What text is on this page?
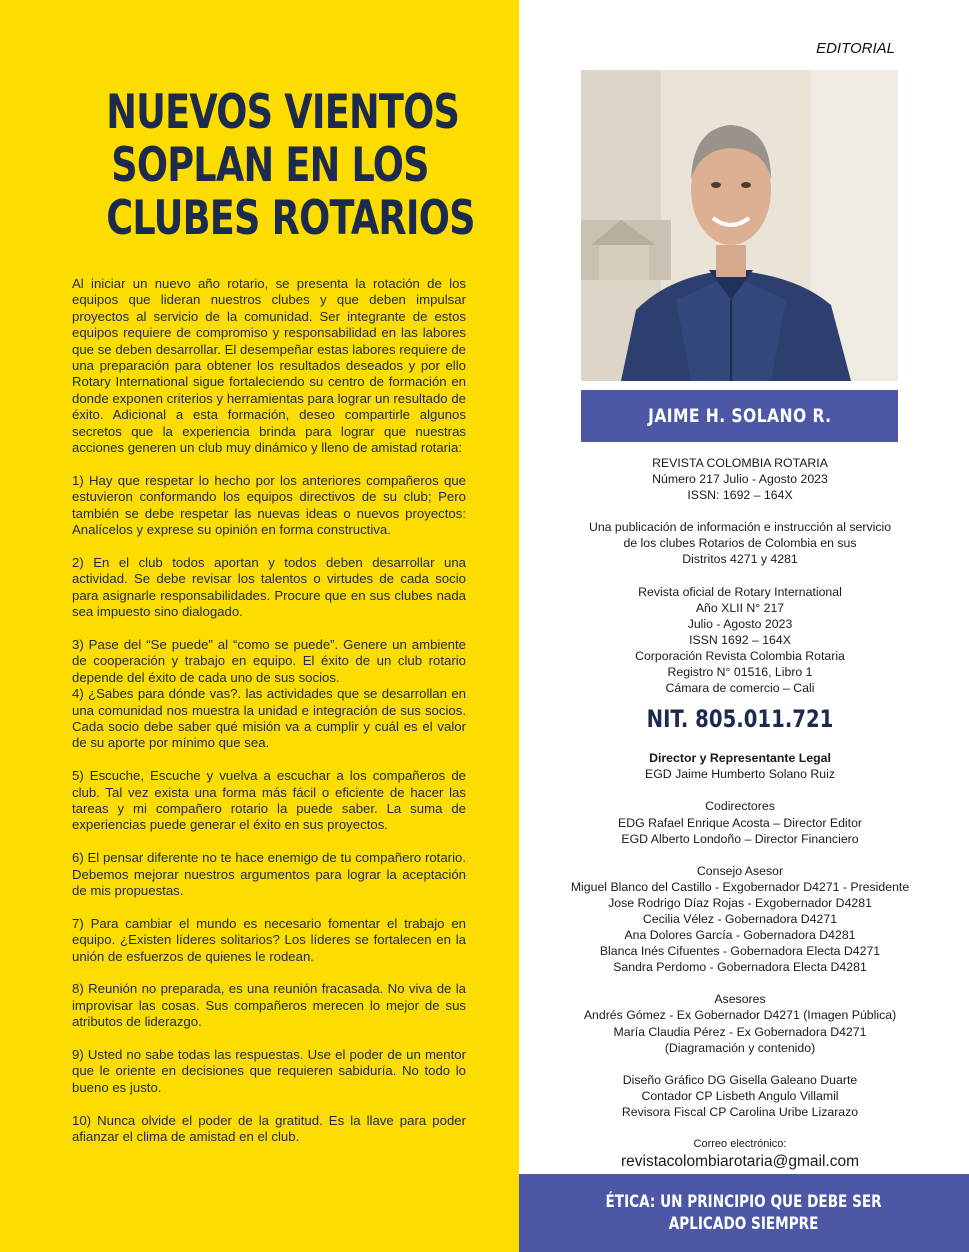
NUEVOS VIENTOS
SOPLAN EN LOS
CLUBES ROTARIOS

Al iniciar un nuevo año rotario, se presenta la rotación de los equipos que lideran nuestros clubes y que deben impulsar proyectos al servicio de la comunidad. Ser integrante de estos equipos requiere de compromiso y responsabilidad en las labores que se deben desarrollar. El desempeñar estas labores requiere de una preparación para obtener los resultados deseados y por ello Rotary International sigue fortaleciendo su centro de formación en donde exponen criterios y herramientas para lograr un resultado de éxito. Adicional a esta formación, deseo compartirle algunos secretos que la experiencia brinda para lograr que nuestras acciones generen un club muy dinámico y lleno de amistad rotaria:

1) Hay que respetar lo hecho por los anteriores compañeros que estuvieron conformando los equipos directivos de su club; Pero también se debe respetar las nuevas ideas o nuevos proyectos: Analícelos y exprese su opinión en forma constructiva.

2) En el club todos aportan y todos deben desarrollar una actividad. Se debe revisar los talentos o virtudes de cada socio para asignarle responsabilidades. Procure que en sus clubes nada sea impuesto sino dialogado.

3) Pase del “Se puede” al “como se puede”. Genere un ambiente de cooperación y trabajo en equipo. El éxito de un club rotario depende del éxito de cada uno de sus socios.

4) ¿Sabes para dónde vas?. las actividades que se desarrollan en una comunidad nos muestra la unidad e integración de sus socios. Cada socio debe saber qué misión va a cumplir y cuál es el valor de su aporte por mínimo que sea.

5) Escuche, Escuche y vuelva a escuchar a los compañeros de club. Tal vez exista una forma más fácil o eficiente de hacer las tareas y mi compañero rotario la puede saber. La suma de experiencias puede generar el éxito en sus proyectos.

6) El pensar diferente no te hace enemigo de tu compañero rotario. Debemos mejorar nuestros argumentos para lograr la aceptación de mis propuestas.

7) Para cambiar el mundo es necesario fomentar el trabajo en equipo. ¿Existen líderes solitarios? Los líderes se fortalecen en la unión de esfuerzos de quienes le rodean.

8) Reunión no preparada, es una reunión fracasada. No viva de la improvisar las cosas. Sus compañeros merecen lo mejor de sus atributos de liderazgo.

9) Usted no sabe todas las respuestas. Use el poder de un mentor que le oriente en decisiones que requieren sabiduría. No todo lo bueno es justo.

10) Nunca olvide el poder de la gratitud. Es la llave para poder afianzar el clima de amistad en el club.

EDITORIAL
JAIME H. SOLANO R.
REVISTA COLOMBIA ROTARIA
Número 217 Julio - Agosto 2023
ISSN: 1692 – 164X
Una publicación de información e instrucción al servicio
de los clubes Rotarios de Colombia en sus
Distritos 4271 y 4281
Revista oficial de Rotary International
Año XLII N° 217
Julio - Agosto 2023
ISSN 1692 – 164X
Corporación Revista Colombia Rotaria
Registro N° 01516, Libro 1
Cámara de comercio – Cali
NIT. 805.011.721
Director y Representante Legal
EGD Jaime Humberto Solano Ruiz
Codirectores
EDG Rafael Enrique Acosta – Director Editor
EGD Alberto Londoño – Director Financiero
Consejo Asesor
Miguel Blanco del Castillo - Exgobernador D4271 - Presidente
Jose Rodrigo Díaz Rojas - Exgobernador D4281
Cecilia Vélez - Gobernadora D4271
Ana Dolores García - Gobernadora D4281
Blanca Inés Cifuentes - Gobernadora Electa D4271
Sandra Perdomo - Gobernadora Electa D4281
Asesores
Andrés Gómez - Ex Gobernador D4271 (Imagen Pública)
María Claudia Pérez - Ex Gobernadora D4271
(Diagramación y contenido)
Diseño Gráfico DG Gisella Galeano Duarte
Contador CP Lisbeth Angulo Villamil
Revisora Fiscal CP Carolina Uribe Lizarazo
Correo electrónico:
revistacolombiarotaria@gmail.com
ÉTICA: UN PRINCIPIO QUE DEBE SER
APLICADO SIEMPRE
